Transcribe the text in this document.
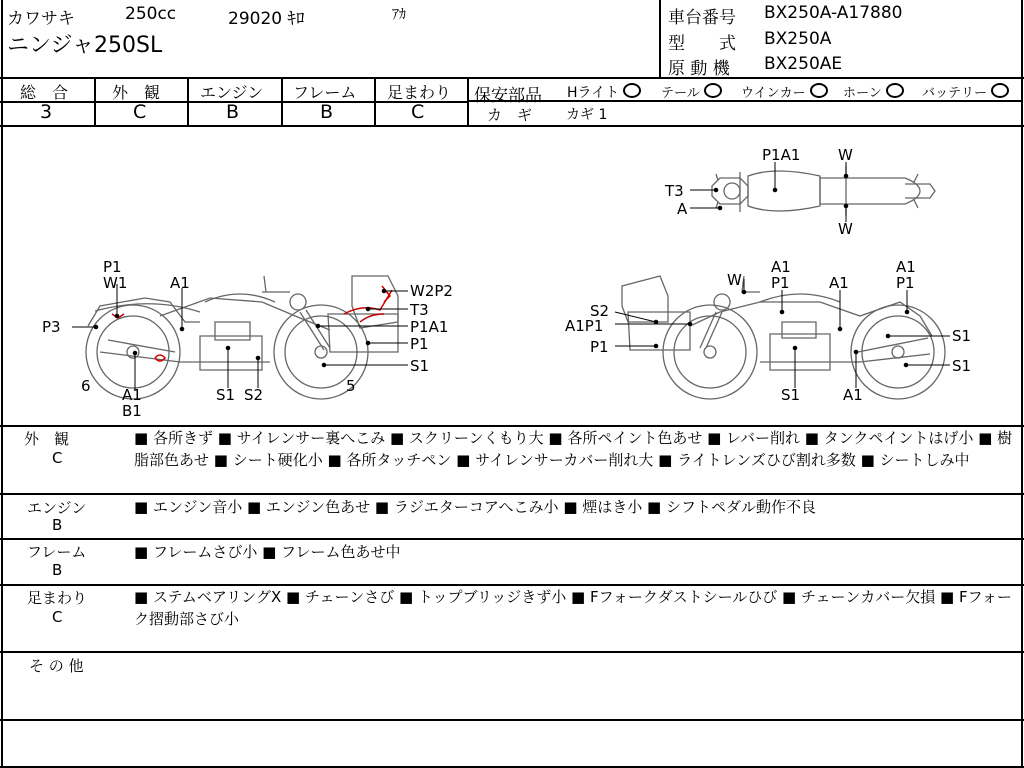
カワサキ	250cc	29020 ｷﾛ	ｱｶ
ニンジャ250SL
車台番号 BX250A-A17880
型　　式 BX250A
原 動 機 BX250AE
総　合
3
外　観
C
エンジン
B
フレーム
B
足まわり
C
保安部品 Hライト	テール	ウインカー	ホーン	バッテリー
カ　ギ カギ 1
P1
W1	A1
P3
W2P2
T3
P1A1
P1
S1
6 A1
B1
S1 S2	5
P1A1	W
T3
A
W
W
A1
P1	A1
A1
P1
S2
A1P1
P1
S1
S1
S1	A1
外　観
C
■ 各所きず ■ サイレンサー裏へこみ ■ スクリーンくもり大 ■ 各所ペイント色あせ ■ レバー削れ ■ タンクペイントはげ小 ■ 樹脂部色あせ ■ シート硬化小 ■ 各所タッチペン ■ サイレンサーカバー削れ大 ■ ライトレンズひび割れ多数 ■ シートしみ中
エンジン
B
■ エンジン音小 ■ エンジン色あせ ■ ラジエターコアへこみ小 ■ 煙はき小 ■ シフトペダル動作不良
フレーム
B
■ フレームさび小 ■ フレーム色あせ中
足まわり
C
■ ステムベアリングX ■ チェーンさび ■ トップブリッジきず小 ■ Fフォークダストシールひび ■ チェーンカバー欠損 ■ Fフォーク摺動部さび小
そ の 他
